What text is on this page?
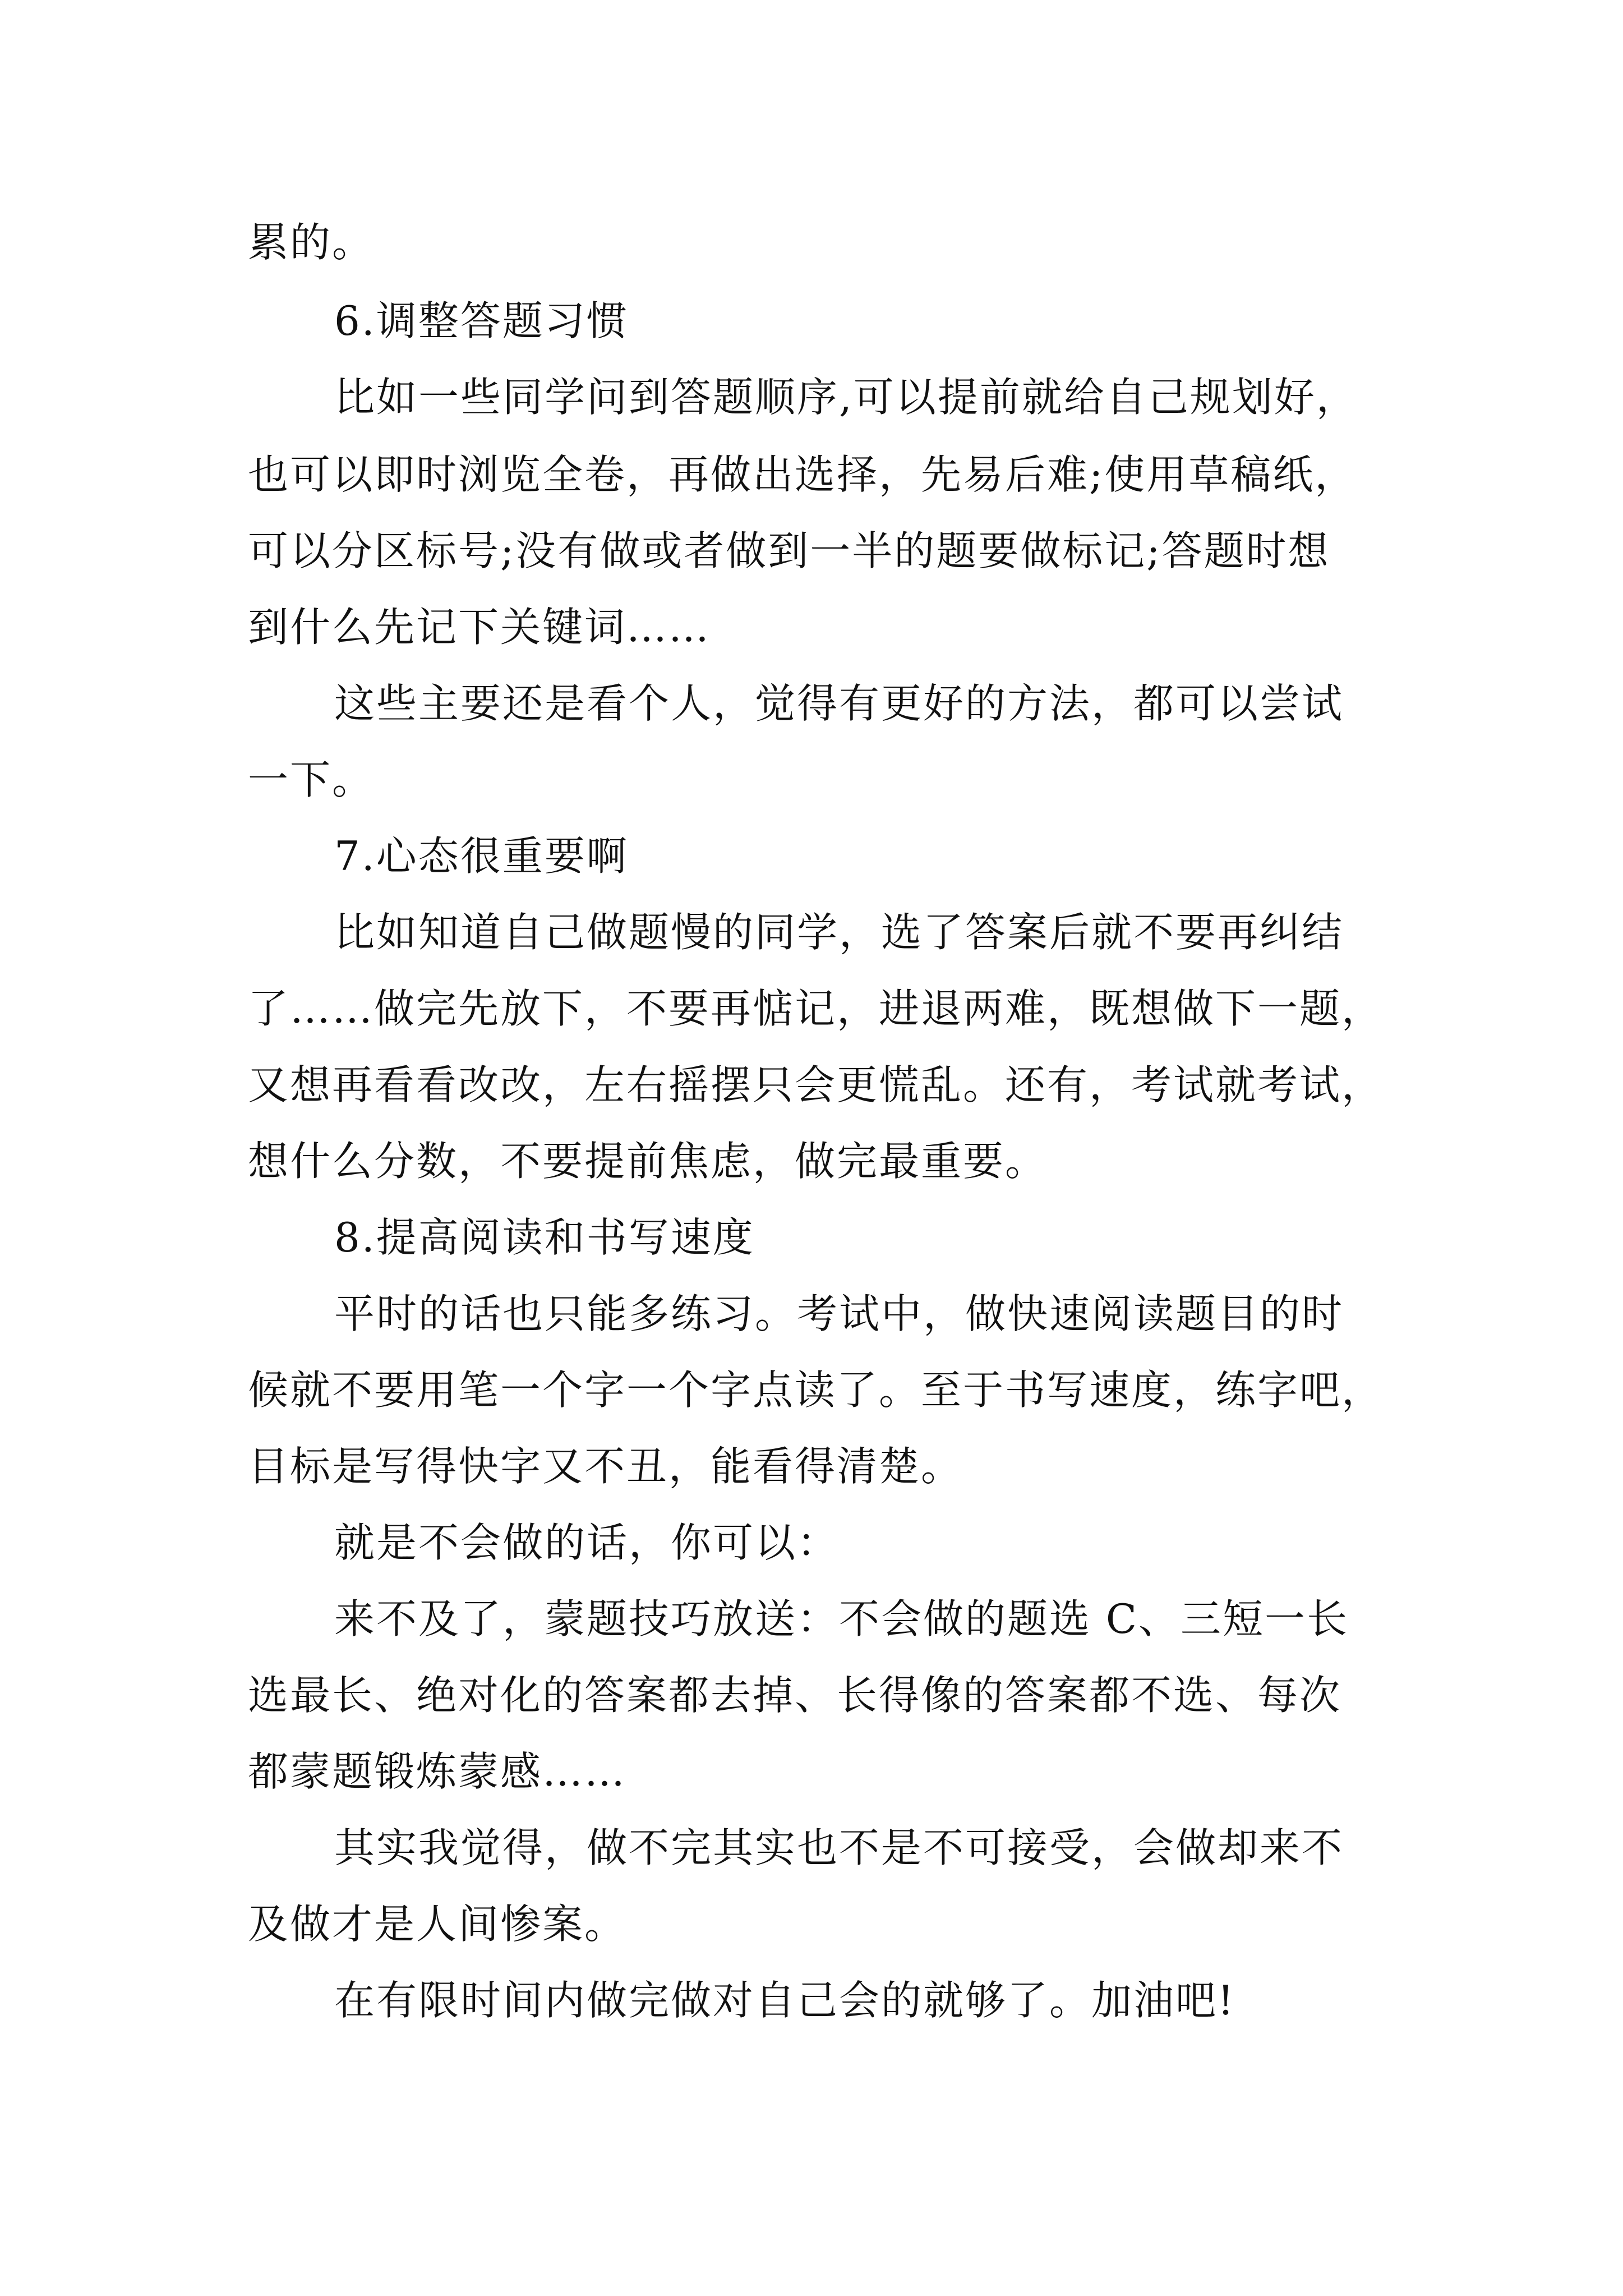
累的。

6.调整答题习惯

比如一些同学问到答题顺序,可以提前就给自己规划好，

也可以即时浏览全卷，再做出选择，先易后难;使用草稿纸，

可以分区标号;没有做或者做到一半的题要做标记;答题时想

到什么先记下关键词……

这些主要还是看个人，觉得有更好的方法，都可以尝试

一下。

7.心态很重要啊

比如知道自己做题慢的同学，选了答案后就不要再纠结

了……做完先放下，不要再惦记，进退两难，既想做下一题，

又想再看看改改，左右摇摆只会更慌乱。还有，考试就考试，

想什么分数，不要提前焦虑，做完最重要。

8.提高阅读和书写速度

平时的话也只能多练习。考试中，做快速阅读题目的时

候就不要用笔一个字一个字点读了。至于书写速度，练字吧，

目标是写得快字又不丑，能看得清楚。

就是不会做的话，你可以：

来不及了，蒙题技巧放送：不会做的题选 C、三短一长

选最长、绝对化的答案都去掉、长得像的答案都不选、每次

都蒙题锻炼蒙感……

其实我觉得，做不完其实也不是不可接受，会做却来不

及做才是人间惨案。

在有限时间内做完做对自己会的就够了。加油吧!
